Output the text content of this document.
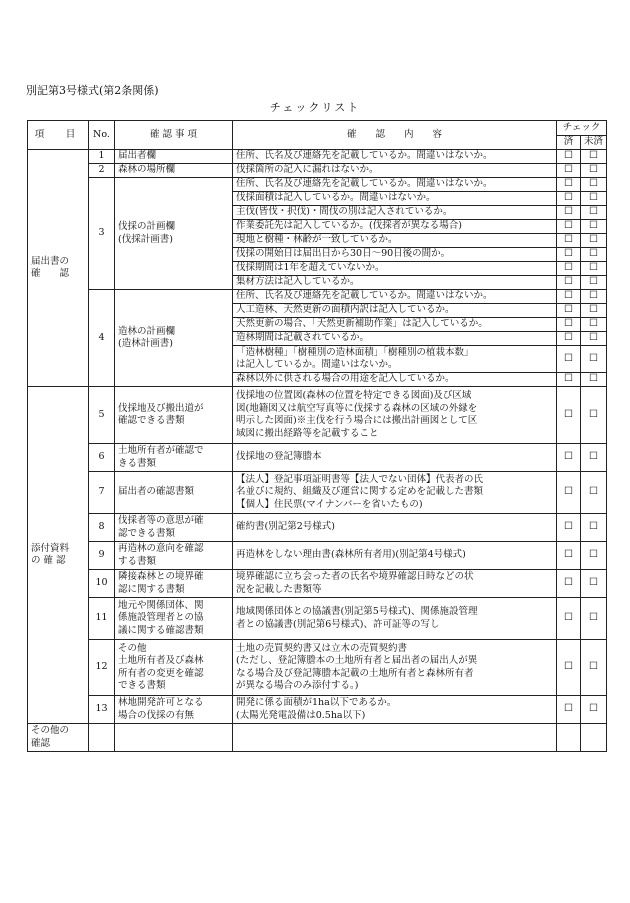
別記第3号様式(第2条関係)
チェックリスト
項　目	No.	確 認 事 項	確　　認　　内　　容	チェック	
				済	未済
届出書の
確　　認	1	届出者欄	住所、氏名及び連絡先を記載しているか。間違いはないか。	☐	☐
	2	森林の場所欄	伐採箇所の記入に漏れはないか。	☐	☐
	3	伐採の計画欄
(伐採計画書)	住所、氏名及び連絡先を記載しているか。間違いはないか。	☐	☐
			伐採面積は記入しているか。間違いはないか。	☐	☐
			主伐(皆伐・択伐)・間伐の別は記入されているか。	☐	☐
			作業委託先は記入しているか。(伐採者が異なる場合)	☐	☐
			現地と樹種・林齢が一致しているか。	☐	☐
			伐採の開始日は届出日から30日～90日後の間か。	☐	☐
			伐採期間は1年を超えていないか。	☐	☐
			集材方法は記入しているか。	☐	☐
	4	造林の計画欄
(造林計画書)	住所、氏名及び連絡先を記載しているか。間違いはないか。	☐	☐
			人工造林、天然更新の面積内訳は記入しているか。	☐	☐
			天然更新の場合、「天然更新補助作業」は記入しているか。	☐	☐
			造林期間は記載されているか。	☐	☐
			「造林樹種」「樹種別の造林面積」「樹種別の植栽本数」
は記入しているか。間違いはないか。	☐	☐
			森林以外に供される場合の用途を記入しているか。	☐	☐
添付資料
の 確 認	5	伐採地及び搬出道が
確認できる書類	伐採地の位置図(森林の位置を特定できる図面)及び区域
図(地籍図又は航空写真等に伐採する森林の区域の外縁を
明示した図面)※主伐を行う場合には搬出計画図として区
域図に搬出経路等を記載すること	☐	☐
	6	土地所有者が確認で
きる書類	伐採地の登記簿謄本	☐	☐
	7	届出者の確認書類	【法人】登記事項証明書等【法人でない団体】代表者の氏
名並びに規約、組織及び運営に関する定めを記載した書類
【個人】住民票(マイナンバーを省いたもの)	☐	☐
	8	伐採者等の意思が確
認できる書類	確約書(別記第2号様式)	☐	☐
	9	再造林の意向を確認
する書類	再造林をしない理由書(森林所有者用)(別記第4号様式)	☐	☐
	10	隣接森林との境界確
認に関する書類	境界確認に立ち会った者の氏名や境界確認日時などの状
況を記載した書類等	☐	☐
	11	地元や関係団体、関
係施設管理者との協
議に関する確認書類	地域関係団体との協議書(別記第5号様式)、関係施設管理
者との協議書(別記第6号様式)、許可証等の写し	☐	☐
	12	その他
土地所有者及び森林
所有者の変更を確認
できる書類	土地の売買契約書又は立木の売買契約書
(ただし、登記簿謄本の土地所有者と届出者の届出人が異
なる場合及び登記簿謄本記載の土地所有者と森林所有者
が異なる場合のみ添付する。)	☐	☐
	13	林地開発許可となる
場合の伐採の有無	開発に係る面積が1ha以下であるか。
(太陽光発電設備は0.5ha以下)	☐	☐
その他の
確認					
